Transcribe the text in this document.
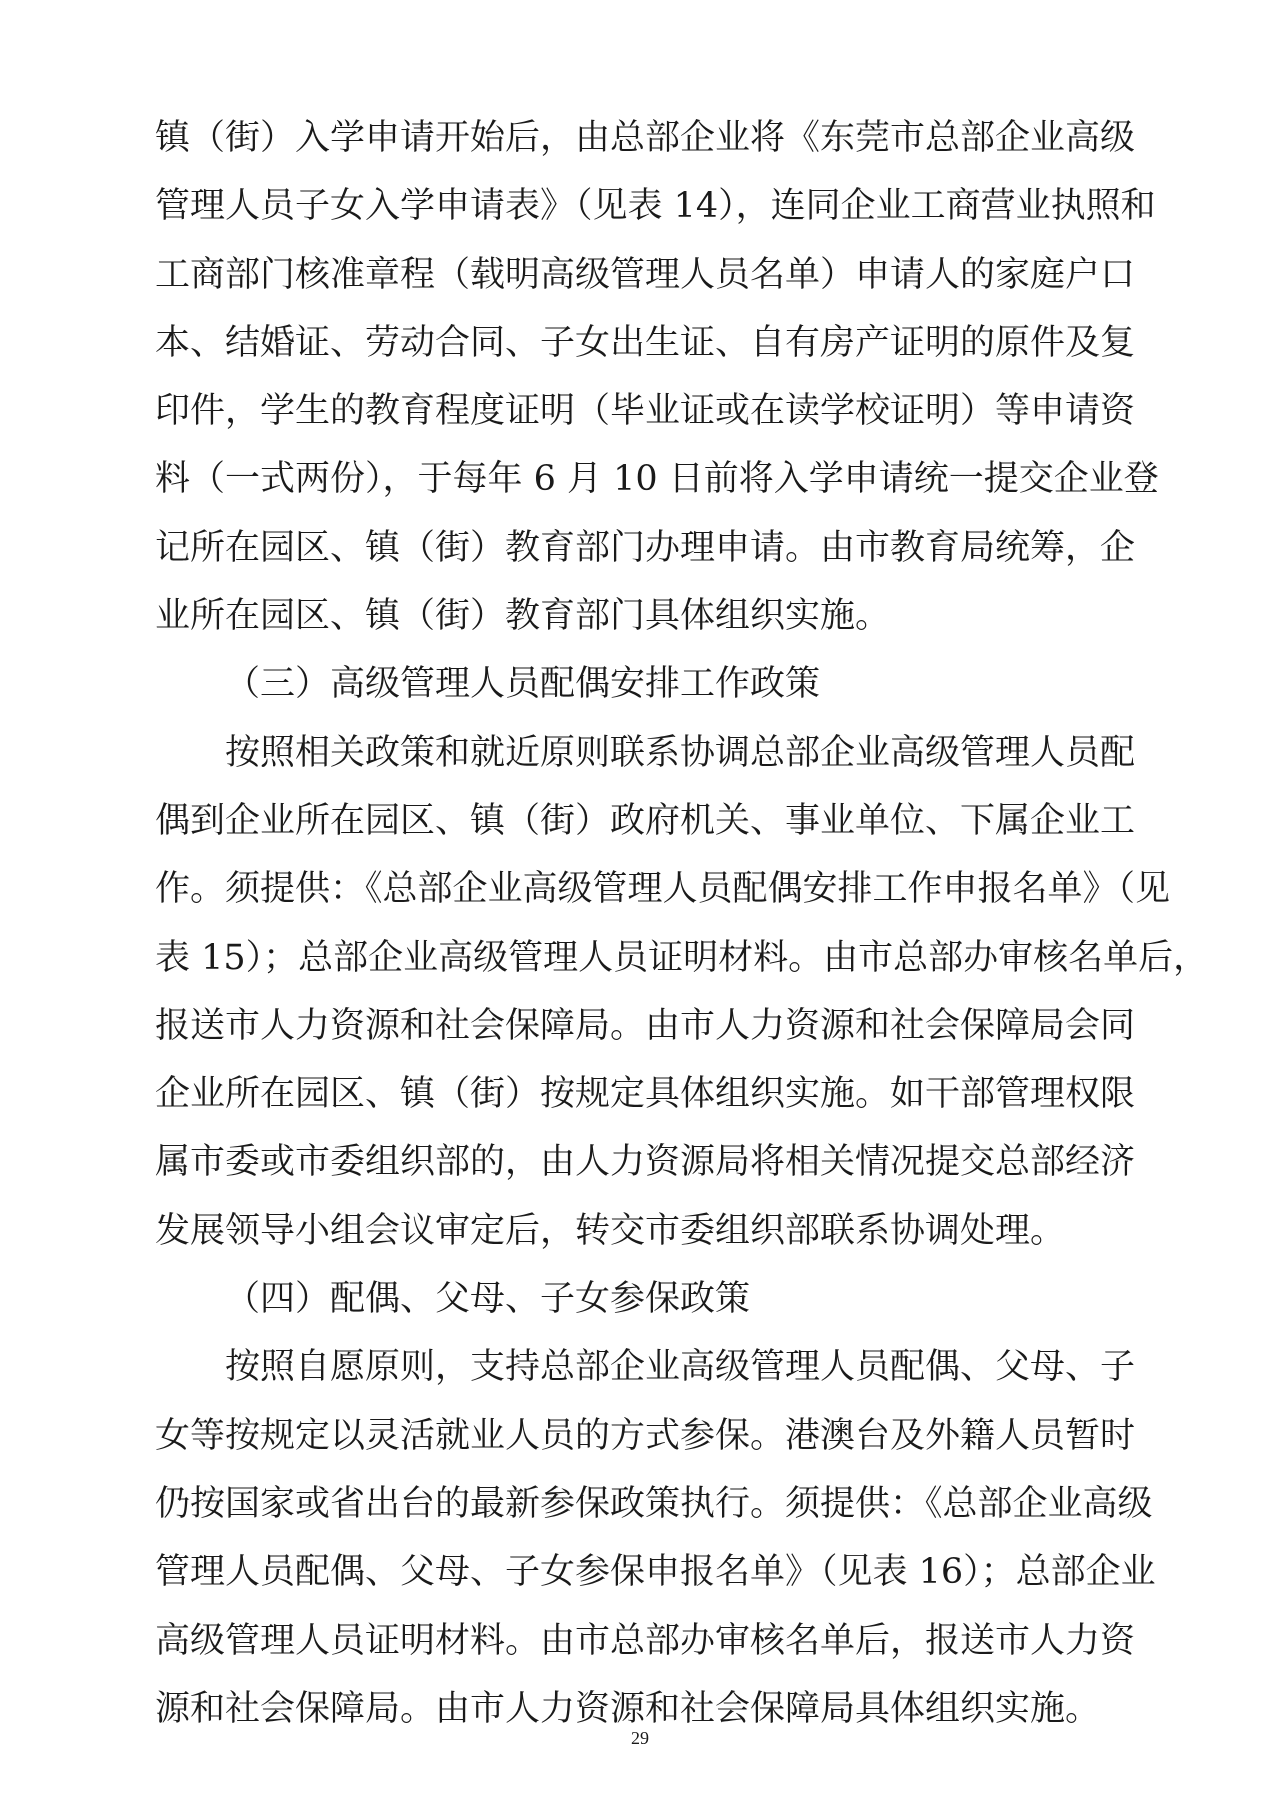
镇（街）入学申请开始后，由总部企业将《东莞市总部企业高级
管理人员子女入学申请表》（见表 14），连同企业工商营业执照和
工商部门核准章程（载明高级管理人员名单）申请人的家庭户口
本、结婚证、劳动合同、子女出生证、自有房产证明的原件及复
印件，学生的教育程度证明（毕业证或在读学校证明）等申请资
料（一式两份），于每年 6 月 10 日前将入学申请统一提交企业登
记所在园区、镇（街）教育部门办理申请。由市教育局统筹，企
业所在园区、镇（街）教育部门具体组织实施。
（三）高级管理人员配偶安排工作政策
按照相关政策和就近原则联系协调总部企业高级管理人员配
偶到企业所在园区、镇（街）政府机关、事业单位、下属企业工
作。须提供：《总部企业高级管理人员配偶安排工作申报名单》（见
表 15）；总部企业高级管理人员证明材料。由市总部办审核名单后，
报送市人力资源和社会保障局。由市人力资源和社会保障局会同
企业所在园区、镇（街）按规定具体组织实施。如干部管理权限
属市委或市委组织部的，由人力资源局将相关情况提交总部经济
发展领导小组会议审定后，转交市委组织部联系协调处理。
（四）配偶、父母、子女参保政策
按照自愿原则，支持总部企业高级管理人员配偶、父母、子
女等按规定以灵活就业人员的方式参保。港澳台及外籍人员暂时
仍按国家或省出台的最新参保政策执行。须提供：《总部企业高级
管理人员配偶、父母、子女参保申报名单》（见表 16）；总部企业
高级管理人员证明材料。由市总部办审核名单后，报送市人力资
源和社会保障局。由市人力资源和社会保障局具体组织实施。
29
